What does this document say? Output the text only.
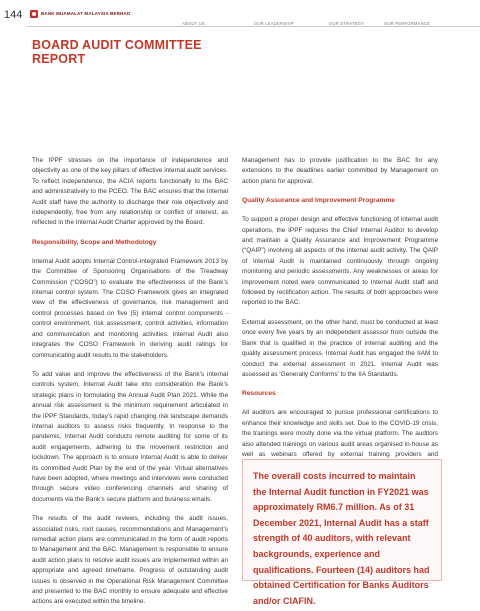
144	BANK MUAMALAT MALAYSIA BERHAD
ABOUT US	OUR LEADERSHIP	OUR STRATEGY	OUR PERFORMANCE
BOARD AUDIT COMMITTEE
REPORT

The IPPF stresses on the importance of independence and objectivity as one of the key pillars of effective internal audit services. To reflect independence, the ACIA reports functionally to the BAC and administratively to the PCEO. The BAC ensures that the Internal Audit staff have the authority to discharge their role objectively and independently, free from any relationship or conflict of interest, as reflected in the Internal Audit Charter approved by the Board.

Responsibility, Scope and Methodology

Internal Audit adopts Internal Control-Integrated Framework 2013 by the Committee of Sponsoring Organisations of the Treadway Commission (“COSO”) to evaluate the effectiveness of the Bank’s internal control system. The COSO Framework gives an integrated view of the effectiveness of governance, risk management and control processes based on five (5) internal control components - control environment, risk assessment, control activities, information and communication and monitoring activities. Internal Audit also integrates the COSO Framework in deriving audit ratings for communicating audit results to the stakeholders.

To add value and improve the effectiveness of the Bank’s internal controls system, Internal Audit take into consideration the Bank’s strategic plans in formulating the Annual Audit Plan 2021. While the annual risk assessment is the minimum requirement articulated in the IPPF Standards, today’s rapid changing risk landscape demands internal auditors to assess risks frequently. In response to the pandemic, Internal Audit conducts remote auditing for some of its audit engagements, adhering to the movement restriction and lockdown. The approach is to ensure Internal Audit is able to deliver its committed Audit Plan by the end of the year. Virtual alternatives have been adopted, where meetings and interviews were conducted through secure video conferencing channels and sharing of documents via the Bank’s secure platform and business emails.

The results of the audit reviews, including the audit issues, associated risks, root causes, recommendations and Management’s remedial action plans are communicated in the form of audit reports to Management and the BAC. Management is responsible to ensure audit action plans to resolve audit issues are implemented within an appropriate and agreed timeframe. Progress of outstanding audit issues is observed in the Operational Risk Management Committee and presented to the BAC monthly to ensure adequate and effective actions are executed within the timeline.

Management has to provide justification to the BAC for any extensions to the deadlines earlier committed by Management on action plans for approval.

Quality Assurance and Improvement Programme

To support a proper design and effective functioning of internal audit operations, the IPPF requires the Chief Internal Auditor to develop and maintain a Quality Assurance and Improvement Programme (“QAIP”) involving all aspects of the internal audit activity. The QAIP of Internal Audit is maintained continuously through ongoing monitoring and periodic assessments. Any weaknesses or areas for improvement noted were communicated to Internal Audit staff and followed by rectification action. The results of both approaches were reported to the BAC.

External assessment, on the other hand, must be conducted at least once every five years by an independent assessor from outside the Bank that is qualified in the practice of internal auditing and the quality assessment process. Internal Audit has engaged the IIAM to conduct the external assessment in 2021. Internal Audit was assessed as ‘Generally Conforms’ to the IIA Standards.

Resources

All auditors are encouraged to pursue professional certifications to enhance their knowledge and skills set. Due to the COVID-19 crisis, the trainings were mostly done via the virtual platform. The auditors also attended trainings on various audit areas organised in-house as well as webinars offered by external training providers and

The overall costs incurred to maintain the Internal Audit function in FY2021 was approximately RM6.7 million. As of 31 December 2021, Internal Audit has a staff strength of 40 auditors, with relevant backgrounds, experience and qualifications. Fourteen (14) auditors had obtained Certification for Banks Auditors and/or CIAFIN.
